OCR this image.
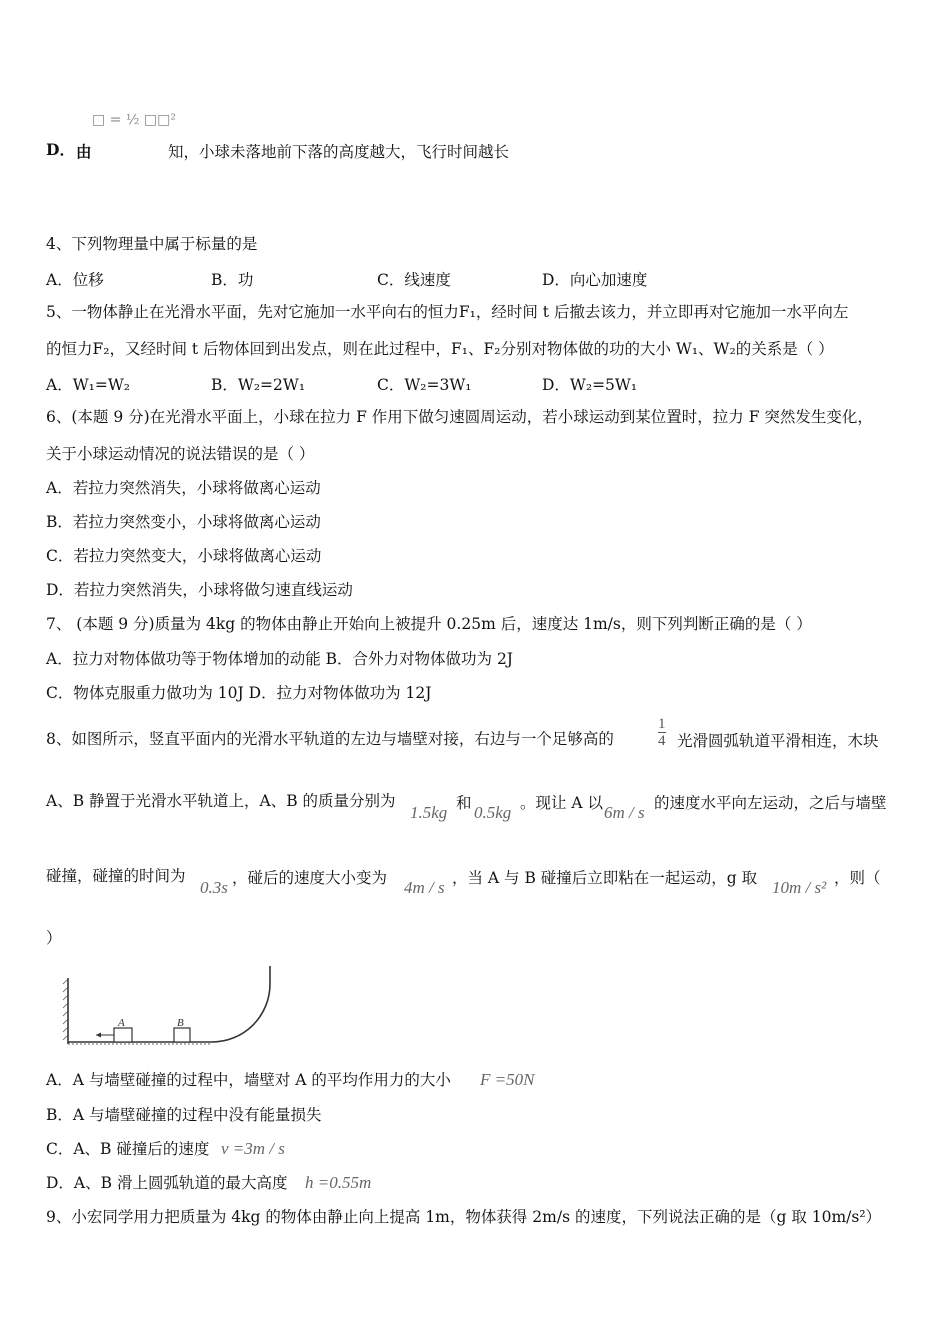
□ = ½ □□²
D． 由	知，小球未落地前下落的高度越大，飞行时间越长
4、下列物理量中属于标量的是
A．位移	B．功	C．线速度	D．向心加速度
5、一物体静止在光滑水平面，先对它施加一水平向右的恒力F₁，经时间 t 后撤去该力，并立即再对它施加一水平向左
的恒力F₂，又经时间 t 后物体回到出发点，则在此过程中，F₁、F₂分别对物体做的功的大小 W₁、W₂的关系是（ ）
A．W₁=W₂	B．W₂=2W₁	C．W₂=3W₁	D．W₂=5W₁
6、(本题 9 分)在光滑水平面上，小球在拉力 F 作用下做匀速圆周运动，若小球运动到某位置时，拉力 F 突然发生变化，
关于小球运动情况的说法错误的是（ ）
A．若拉力突然消失，小球将做离心运动
B．若拉力突然变小，小球将做离心运动
C．若拉力突然变大，小球将做离心运动
D．若拉力突然消失，小球将做匀速直线运动
7、 (本题 9 分)质量为 4kg 的物体由静止开始向上被提升 0.25m 后，速度达 1m/s，则下列判断正确的是（ ）
A．拉力对物体做功等于物体增加的动能 B．合外力对物体做功为 2J
C．物体克服重力做功为 10J D．拉力对物体做功为 12J
8、如图所示，竖直平面内的光滑水平轨道的左边与墙壁对接，右边与一个足够高的	$\frac{1}{4}$ 光滑圆弧轨道平滑相连，木块
A、B 静置于光滑水平轨道上，A、B 的质量分别为
1.5kg 和 0.5kg 。现让 A 以 6m / s 的速度水平向左运动，之后与墙壁
碰撞，碰撞的时间为
0.3s ，碰后的速度大小变为 4m / s ，当 A 与 B 碰撞后立即粘在一起运动，g 取 10m / s² ，则（
）
A	B
A．A 与墙壁碰撞的过程中，墙壁对 A 的平均作用力的大小 F =50N
B．A 与墙壁碰撞的过程中没有能量损失
C．A、B 碰撞后的速度 v =3m / s
D．A、B 滑上圆弧轨道的最大高度 h =0.55m
9、小宏同学用力把质量为 4kg 的物体由静止向上提高 1m，物体获得 2m/s 的速度，下列说法正确的是（g 取 10m/s²）
